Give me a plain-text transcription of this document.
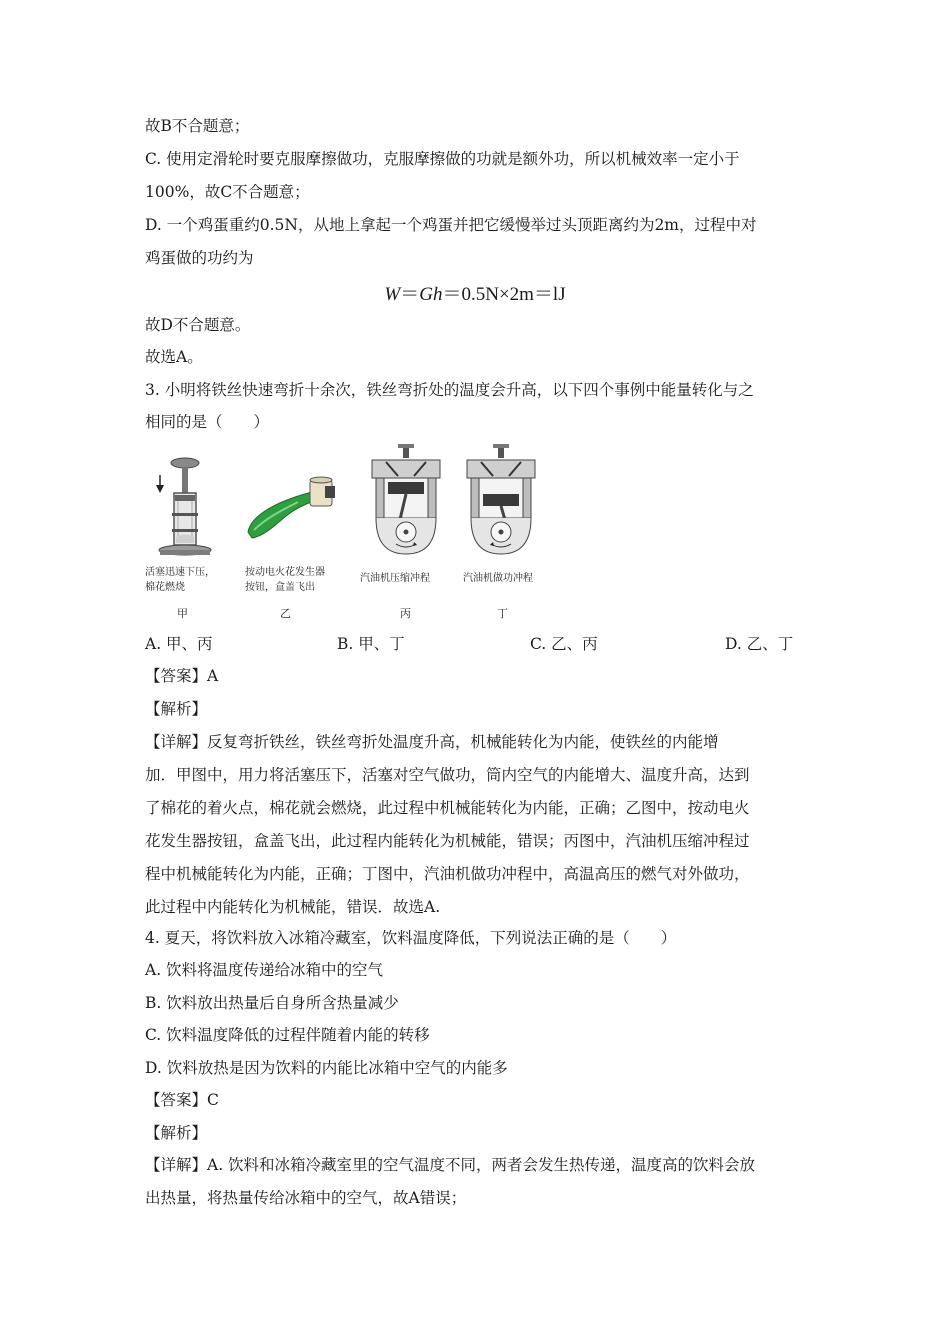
故B不合题意；
C. 使用定滑轮时要克服摩擦做功，克服摩擦做的功就是额外功，所以机械效率一定小于
100%，故C不合题意；
D. 一个鸡蛋重约0.5N，从地上拿起一个鸡蛋并把它缓慢举过头顶距离约为2m，过程中对
鸡蛋做的功约为
W＝Gh＝0.5N×2m＝lJ
故D不合题意。
故选A。
3. 小明将铁丝快速弯折十余次，铁丝弯折处的温度会升高，以下四个事例中能量转化与之
相同的是（　　）
活塞迅速下压，
棉花燃烧
甲
按动电火花发生器
按钮，盒盖飞出
乙
汽油机压缩冲程
丙
汽油机做功冲程
丁
A. 甲、丙	B. 甲、丁	C. 乙、丙	D. 乙、丁
【答案】A
【解析】
【详解】反复弯折铁丝，铁丝弯折处温度升高，机械能转化为内能，使铁丝的内能增
加．甲图中，用力将活塞压下，活塞对空气做功，筒内空气的内能增大、温度升高，达到
了棉花的着火点，棉花就会燃烧，此过程中机械能转化为内能，正确；乙图中，按动电火
花发生器按钮，盒盖飞出，此过程内能转化为机械能，错误；丙图中，汽油机压缩冲程过
程中机械能转化为内能，正确；丁图中，汽油机做功冲程中，高温高压的燃气对外做功，
此过程中内能转化为机械能，错误．故选A.
4. 夏天，将饮料放入冰箱冷藏室，饮料温度降低，下列说法正确的是（　　）
A. 饮料将温度传递给冰箱中的空气
B. 饮料放出热量后自身所含热量减少
C. 饮料温度降低的过程伴随着内能的转移
D. 饮料放热是因为饮料的内能比冰箱中空气的内能多
【答案】C
【解析】
【详解】A. 饮料和冰箱冷藏室里的空气温度不同，两者会发生热传递，温度高的饮料会放
出热量，将热量传给冰箱中的空气，故A错误；
